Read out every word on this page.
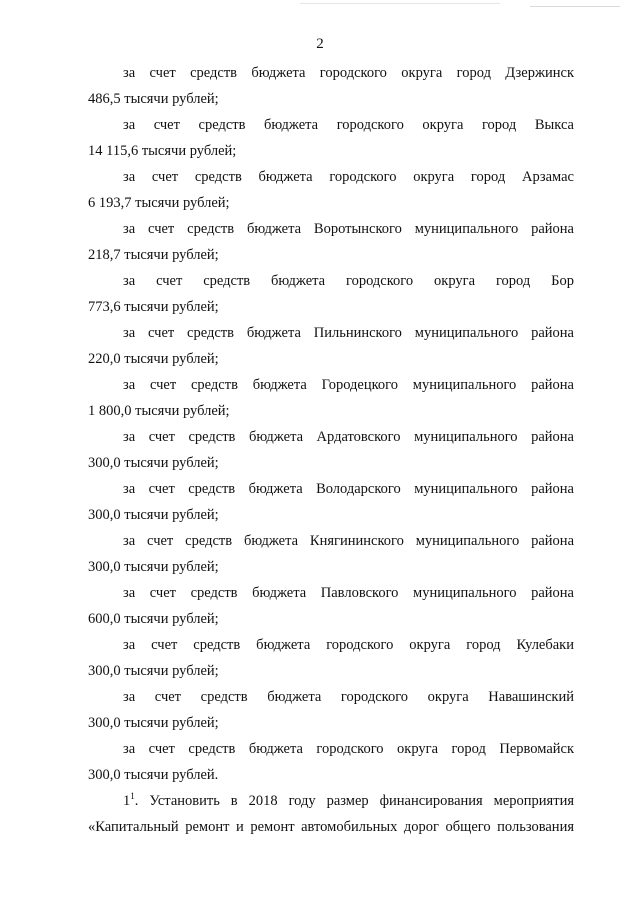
2
за счет средств бюджета городского округа город Дзержинск
486,5 тысячи рублей;
за счет средств бюджета городского округа город Выкса
14 115,6 тысячи рублей;
за счет средств бюджета городского округа город Арзамас
6 193,7 тысячи рублей;
за счет средств бюджета Воротынского муниципального района
218,7 тысячи рублей;
за счет средств бюджета городского округа город Бор
773,6 тысячи рублей;
за счет средств бюджета Пильнинского муниципального района
220,0 тысячи рублей;
за счет средств бюджета Городецкого муниципального района
1 800,0 тысячи рублей;
за счет средств бюджета Ардатовского муниципального района
300,0 тысячи рублей;
за счет средств бюджета Володарского муниципального района
300,0 тысячи рублей;
за счет средств бюджета Княгининского муниципального района
300,0 тысячи рублей;
за счет средств бюджета Павловского муниципального района
600,0 тысячи рублей;
за счет средств бюджета городского округа город Кулебаки
300,0 тысячи рублей;
за счет средств бюджета городского округа Навашинский
300,0 тысячи рублей;
за счет средств бюджета городского округа город Первомайск
300,0 тысячи рублей.
$1^1$. Установить в 2018 году размер финансирования мероприятия
«Капитальный ремонт и ремонт автомобильных дорог общего пользования
